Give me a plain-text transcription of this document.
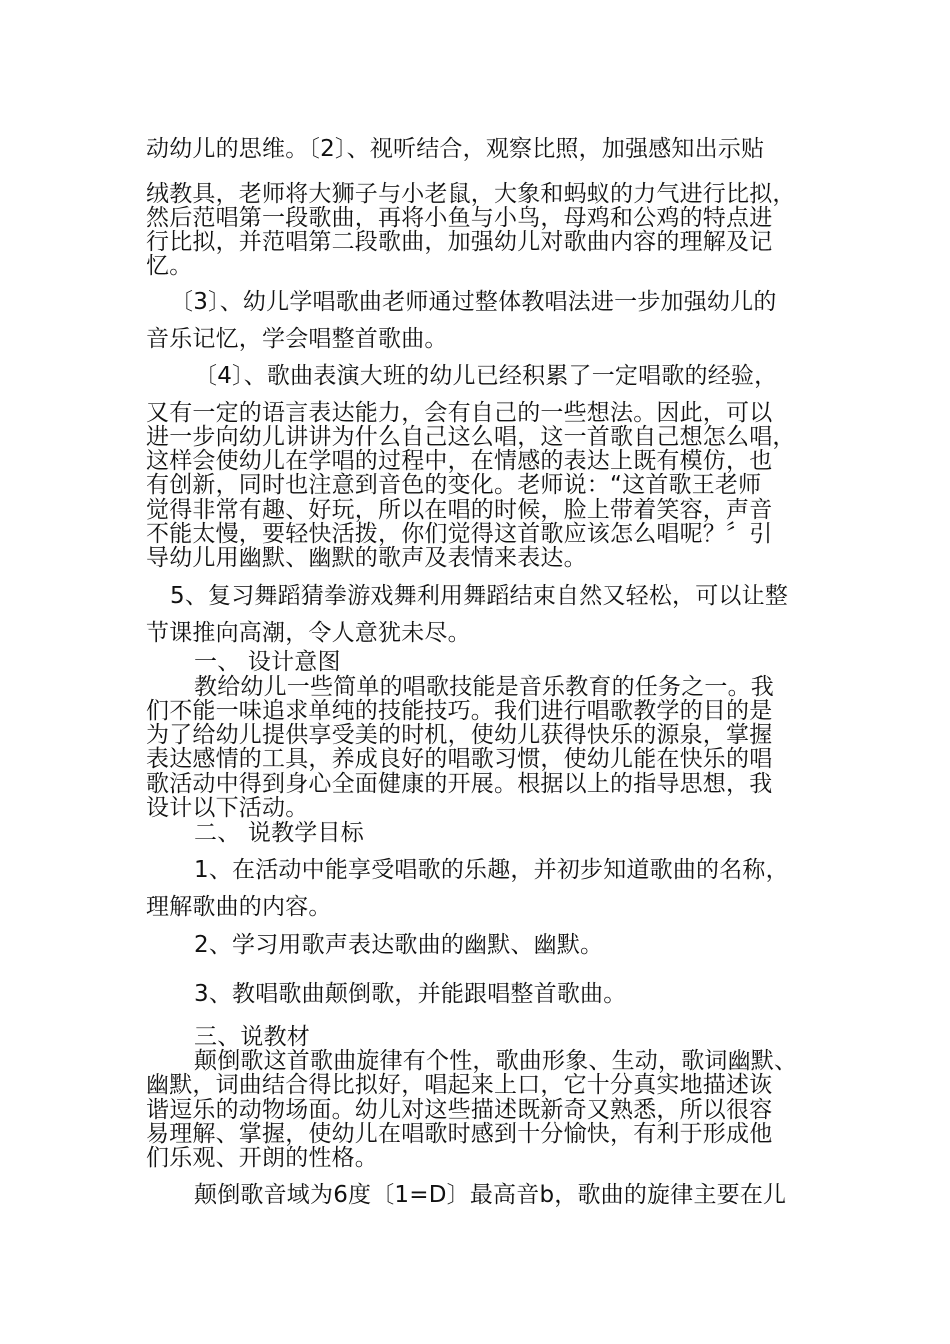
动幼儿的思维。〔2〕、视听结合，观察比照，加强感知出示贴
绒教具，老师将大狮子与小老鼠，大象和蚂蚁的力气进行比拟，
然后范唱第一段歌曲，再将小鱼与小鸟，母鸡和公鸡的特点进
行比拟，并范唱第二段歌曲，加强幼儿对歌曲内容的理解及记
忆。
〔3〕、幼儿学唱歌曲老师通过整体教唱法进一步加强幼儿的
音乐记忆，学会唱整首歌曲。
〔4〕、歌曲表演大班的幼儿已经积累了一定唱歌的经验，
又有一定的语言表达能力，会有自己的一些想法。因此，可以
进一步向幼儿讲讲为什么自己这么唱，这一首歌自己想怎么唱，
这样会使幼儿在学唱的过程中，在情感的表达上既有模仿，也
有创新，同时也注意到音色的变化。老师说：“这首歌王老师
觉得非常有趣、好玩，所以在唱的时候，脸上带着笑容，声音
不能太慢，要轻快活拨，你们觉得这首歌应该怎么唱呢？〞引
导幼儿用幽默、幽默的歌声及表情来表达。
5、复习舞蹈猜拳游戏舞利用舞蹈结束自然又轻松，可以让整
节课推向高潮，令人意犹未尽。
一、 设计意图
教给幼儿一些简单的唱歌技能是音乐教育的任务之一。我
们不能一味追求单纯的技能技巧。我们进行唱歌教学的目的是
为了给幼儿提供享受美的时机，使幼儿获得快乐的源泉，掌握
表达感情的工具，养成良好的唱歌习惯，使幼儿能在快乐的唱
歌活动中得到身心全面健康的开展。根据以上的指导思想，我
设计以下活动。
二、 说教学目标
1、在活动中能享受唱歌的乐趣，并初步知道歌曲的名称，
理解歌曲的内容。
2、学习用歌声表达歌曲的幽默、幽默。
3、教唱歌曲颠倒歌，并能跟唱整首歌曲。
三、说教材
颠倒歌这首歌曲旋律有个性，歌曲形象、生动，歌词幽默、
幽默，词曲结合得比拟好，唱起来上口，它十分真实地描述诙
谐逗乐的动物场面。幼儿对这些描述既新奇又熟悉，所以很容
易理解、掌握，使幼儿在唱歌时感到十分愉快，有利于形成他
们乐观、开朗的性格。
颠倒歌音域为6度〔1=D〕最高音b，歌曲的旋律主要在儿
